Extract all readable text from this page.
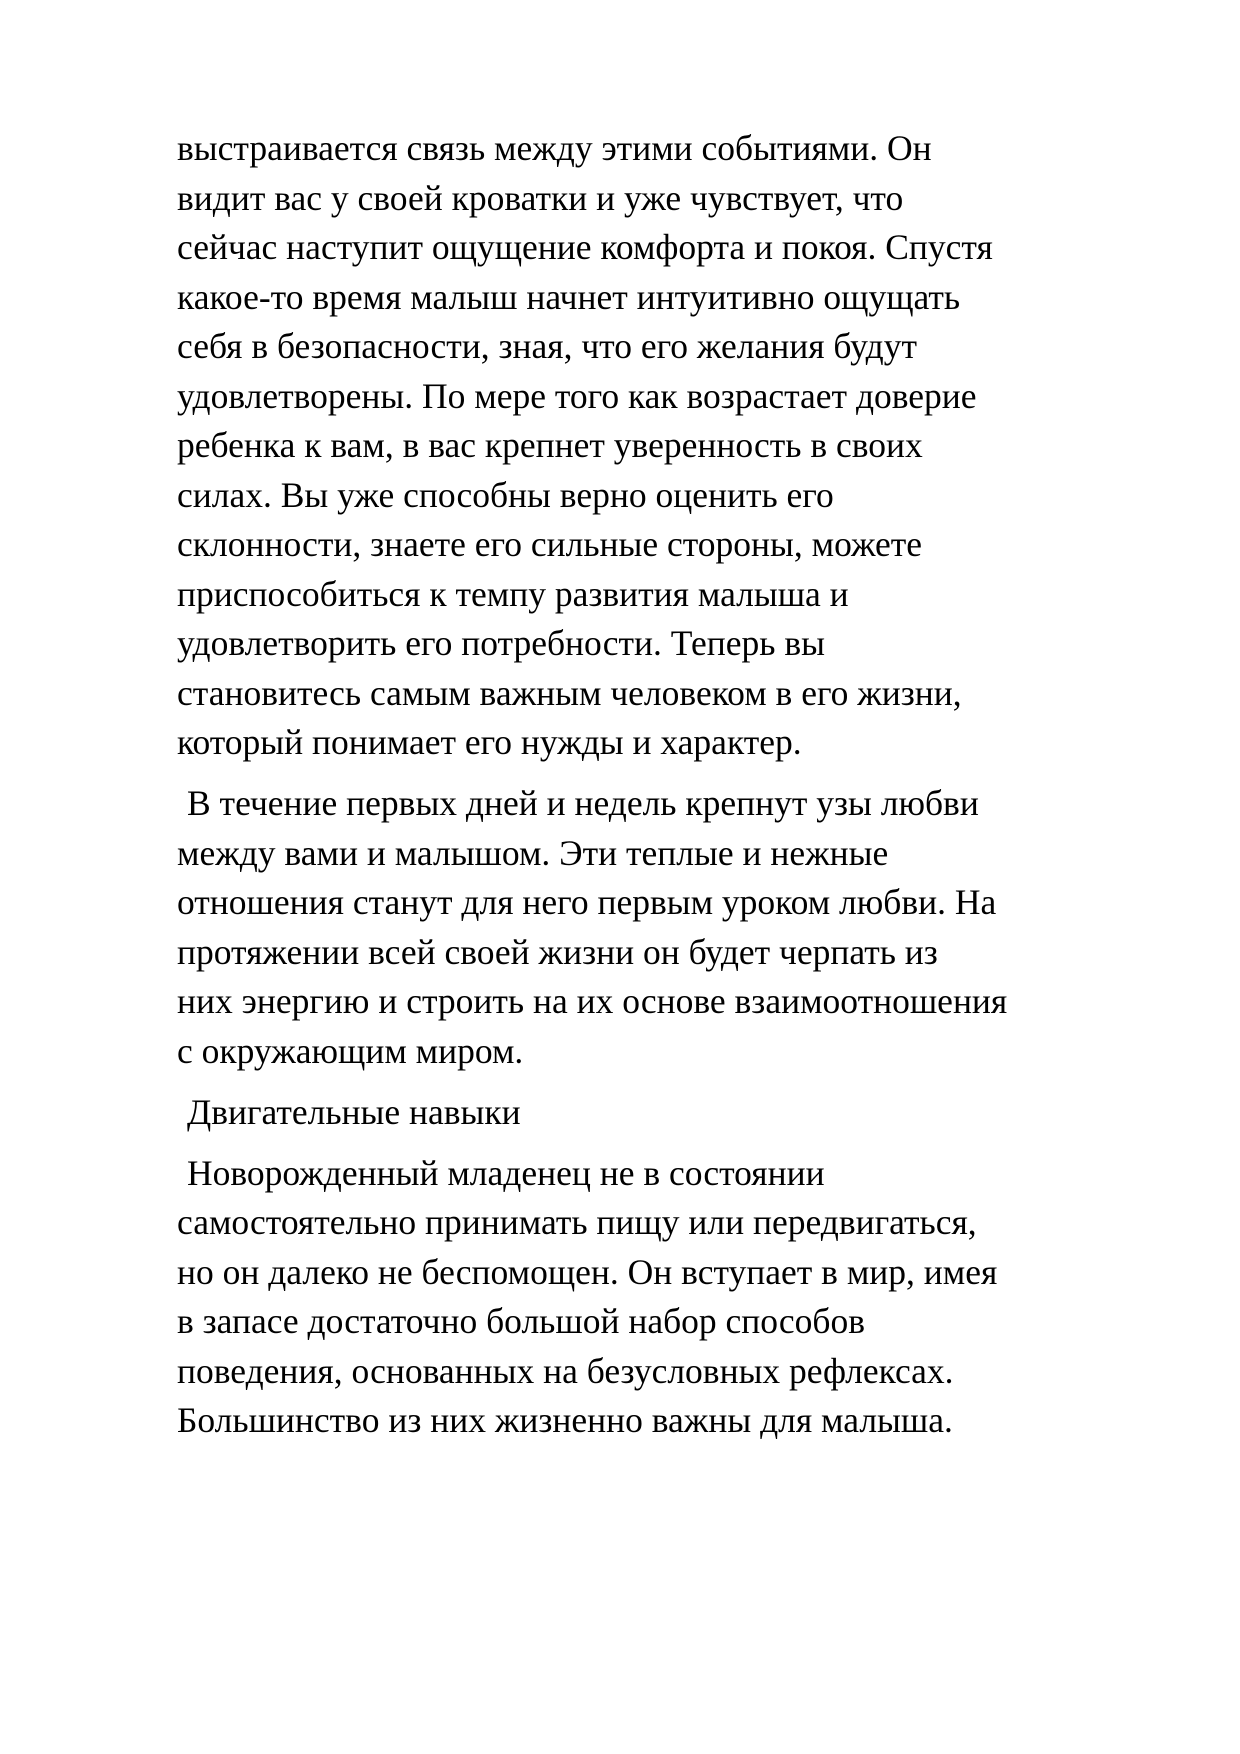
выстраивается связь между этими событиями. Он
видит вас у своей кроватки и уже чувствует, что
сейчас наступит ощущение комфорта и покоя. Спустя
какое-то время малыш начнет интуитивно ощущать
себя в безопасности, зная, что его желания будут
удовлетворены. По мере того как возрастает доверие
ребенка к вам, в вас крепнет уверенность в своих
силах. Вы уже способны верно оценить его
склонности, знаете его сильные стороны, можете
приспособиться к темпу развития малыша и
удовлетворить его потребности. Теперь вы
становитесь самым важным человеком в его жизни,
который понимает его нужды и характер.

В течение первых дней и недель крепнут узы любви
между вами и малышом. Эти теплые и нежные
отношения станут для него первым уроком любви. На
протяжении всей своей жизни он будет черпать из
них энергию и строить на их основе взаимоотношения
с окружающим миром.

Двигательные навыки

Новорожденный младенец не в состоянии
самостоятельно принимать пищу или передвигаться,
но он далеко не беспомощен. Он вступает в мир, имея
в запасе достаточно большой набор способов
поведения, основанных на безусловных рефлексах.
Большинство из них жизненно важны для малыша.
